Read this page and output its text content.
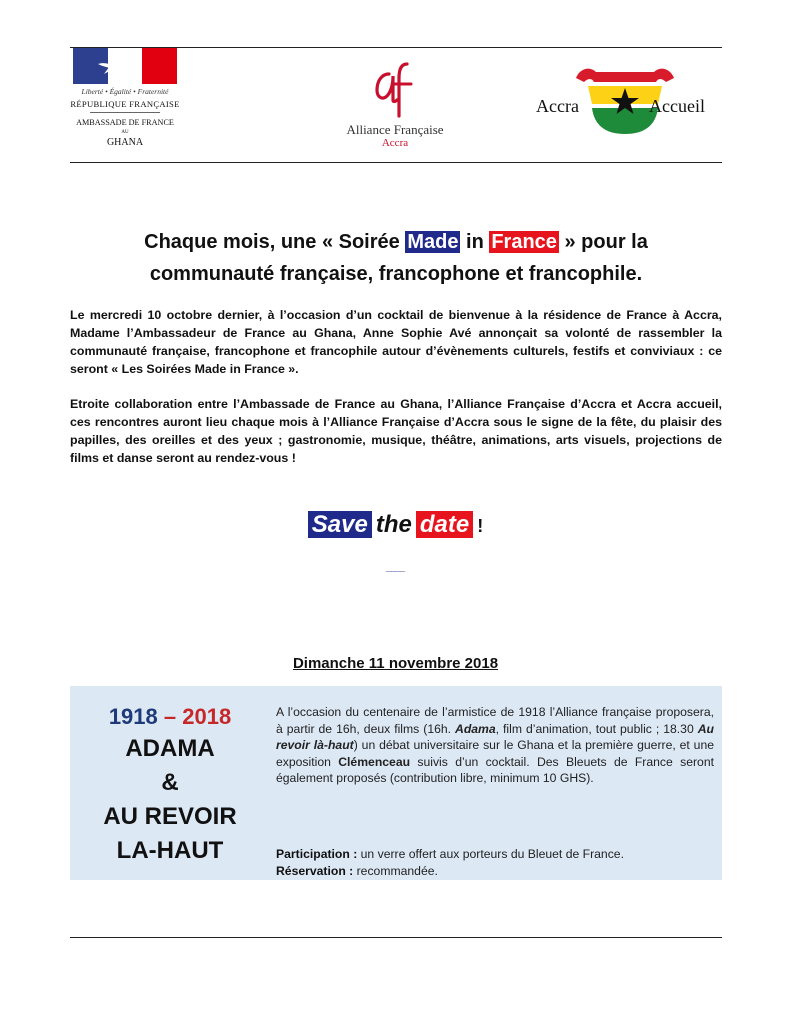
Liberté • Égalité • Fraternité
RÉPUBLIQUE FRANÇAISE
AMBASSADE DE FRANCE
AU
GHANA
Alliance Française
Accra
Accra	Accueil
Chaque mois, une « Soirée Made in France » pour la
communauté française, francophone et francophile.
Le mercredi 10 octobre dernier, à l’occasion d’un cocktail de bienvenue à la résidence de France à Accra, Madame l’Ambassadeur de France au Ghana, Anne Sophie Avé annonçait sa volonté de rassembler la communauté française, francophone et francophile autour d’évènements culturels, festifs et conviviaux : ce seront « Les Soirées Made in France ».
Etroite collaboration entre l’Ambassade de France au Ghana, l’Alliance Française d’Accra et Accra accueil, ces rencontres auront lieu chaque mois à l’Alliance Française d’Accra sous le signe de la fête, du plaisir des papilles, des oreilles et des yeux ; gastronomie, musique, théâtre, animations, arts visuels, projections de films et danse seront au rendez-vous !
Save the date !
____
Dimanche 11 novembre 2018
1918 – 2018
ADAMA
&
AU REVOIR
LA-HAUT
A l’occasion du centenaire de l’armistice de 1918 l’Alliance française proposera, à partir de 16h, deux films (16h. Adama, film d’animation, tout public ; 18.30 Au revoir là-haut) un débat universitaire sur le Ghana et la première guerre, et une exposition Clémenceau suivis d’un cocktail. Des Bleuets de France seront également proposés (contribution libre, minimum 10 GHS).
Participation : un verre offert aux porteurs du Bleuet de France.
Réservation : recommandée.
